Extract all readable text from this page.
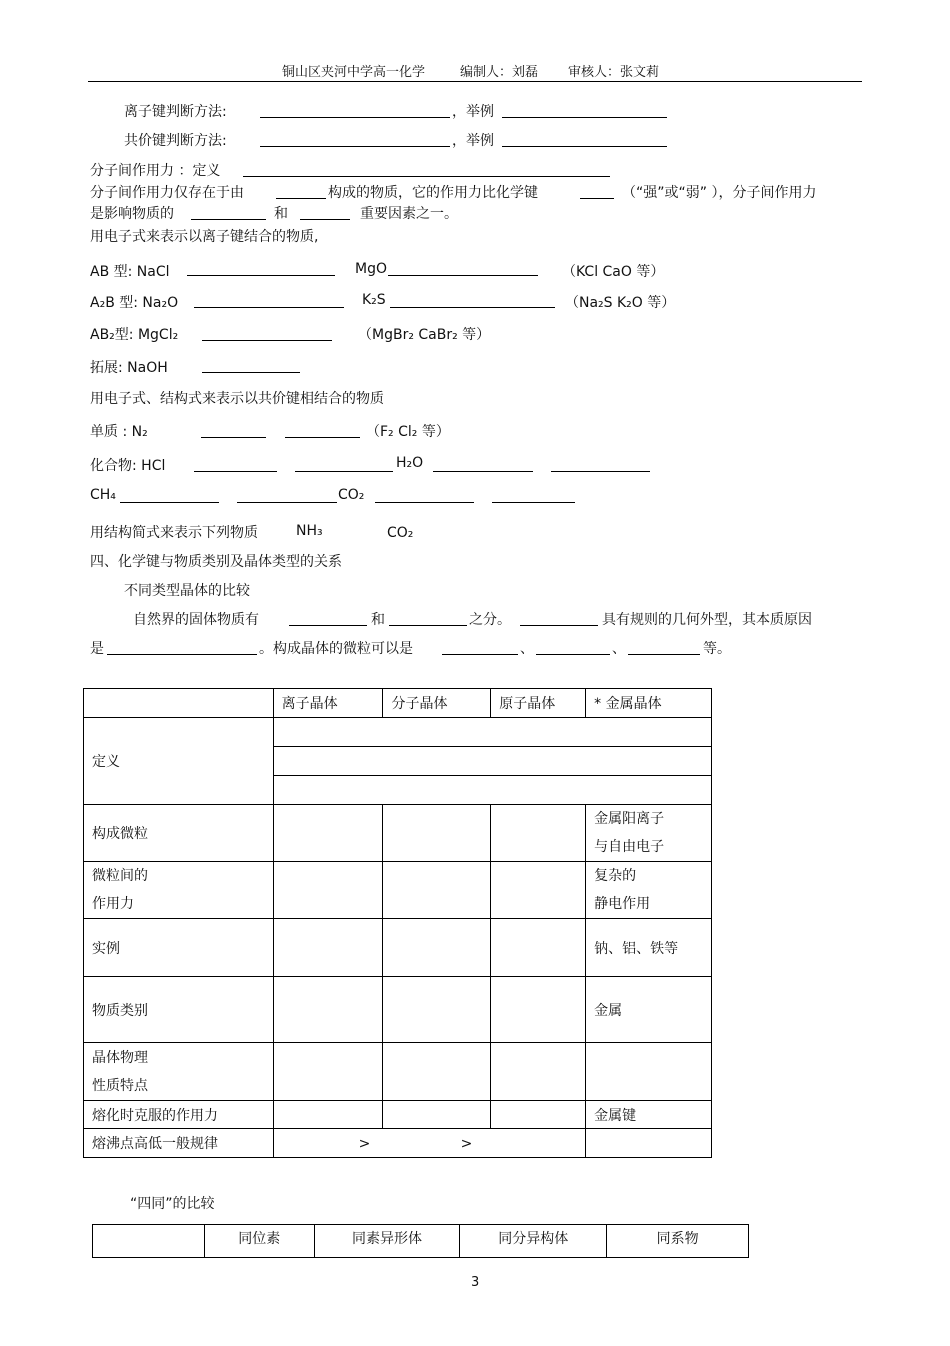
铜山区夹河中学高一化学	编制人：刘磊 审核人：张文莉
离子键判断方法:	，举例
共价键判断方法:	，举例
分子间作用力 ：定义
分子间作用力仅存在于由	构成的物质，它的作用力比化学键	（“强”或“弱” ），分子间作用力
是影响物质的	和	重要因素之一。
用电子式来表示以离子键结合的物质,
AB 型: NaCl	MgO	（KCl CaO 等）
A₂B 型: Na₂O	K₂S	（Na₂S K₂O 等）
AB₂型: MgCl₂	（MgBr₂ CaBr₂ 等）
拓展: NaOH
用电子式、结构式来表示以共价键相结合的物质
单质 : N₂	（F₂ Cl₂ 等）
化合物: HCl	H₂O
CH₄	CO₂
用结构简式来表示下列物质	NH₃	CO₂
四、化学键与物质类别及晶体类型的关系
不同类型晶体的比较
自然界的固体物质有	和	之分。	具有规则的几何外型，其本质原因
是	。构成晶体的微粒可以是	、	、	等。
	离子晶体	分子晶体	原子晶体	* 金属晶体
定义				

构成微粒				金属阳离子
与自由电子
微粒间的
作用力				复杂的
静电作用
实例				钠、铝、铁等
物质类别				金属
晶体物理
性质特点				
熔化时克服的作用力				金属键
熔沸点高低一般规律	> >			

“四同”的比较
	同位素	同素异形体	同分异构体	同系物
3
